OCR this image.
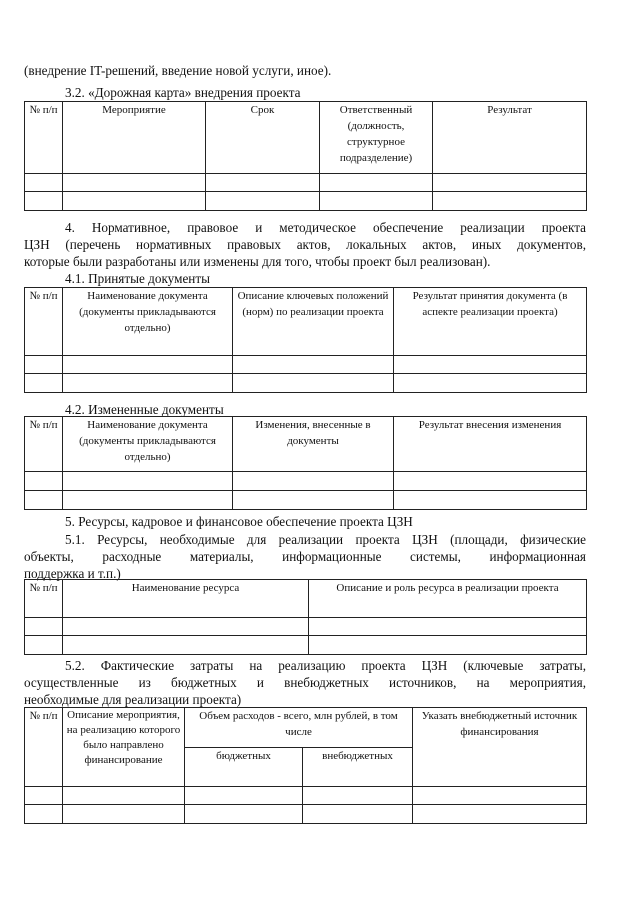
(внедрение IT-решений, введение новой услуги, иное).
3.2. «Дорожная карта» внедрения проекта
№ п/п	Мероприятие	Срок	Ответственный (должность, структурное подразделение)	Результат

4. Нормативное, правовое и методическое обеспечение реализации проекта
ЦЗН (перечень нормативных правовых актов, локальных актов, иных документов,
которые были разработаны или изменены для того, чтобы проект был реализован).
4.1. Принятые документы
№ п/п	Наименование документа (документы прикладываются отдельно)	Описание ключевых положений (норм) по реализации проекта	Результат принятия документа (в аспекте реализации проекта)

4.2. Измененные документы
№ п/п	Наименование документа (документы прикладываются отдельно)	Изменения, внесенные в документы	Результат внесения изменения

5. Ресурсы, кадровое и финансовое обеспечение проекта ЦЗН
5.1. Ресурсы, необходимые для реализации проекта ЦЗН (площади, физические
объекты, расходные материалы, информационные системы, информационная
поддержка и т.п.)
№ п/п	Наименование ресурса	Описание и роль ресурса в реализации проекта

5.2. Фактические затраты на реализацию проекта ЦЗН (ключевые затраты,
осуществленные из бюджетных и внебюджетных источников, на мероприятия,
необходимые для реализации проекта)
№ п/п	Описание мероприятия, на реализацию которого было направлено финансирование	Объем расходов - всего, млн рублей, в том числе		Указать внебюджетный источник финансирования
		бюджетных	внебюджетных	
